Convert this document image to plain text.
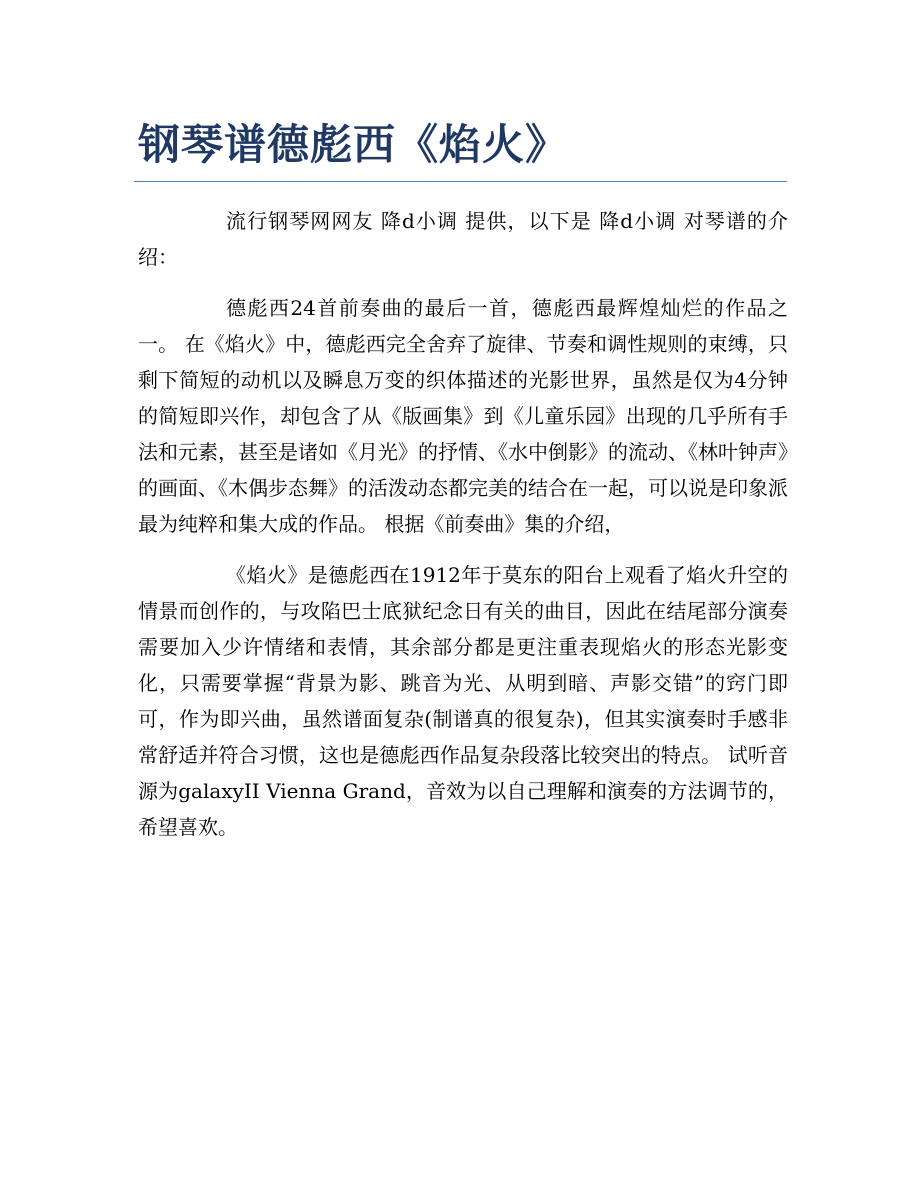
钢琴谱德彪西《焰火》

流行钢琴网网友 降d小调 提供，以下是 降d小调 对琴谱的介绍：

德彪西24首前奏曲的最后一首，德彪西最辉煌灿烂的作品之一。 在《焰火》中，德彪西完全舍弃了旋律、节奏和调性规则的束缚，只剩下简短的动机以及瞬息万变的织体描述的光影世界，虽然是仅为4分钟的简短即兴作，却包含了从《版画集》到《儿童乐园》出现的几乎所有手法和元素，甚至是诸如《月光》的抒情、《水中倒影》的流动、《林叶钟声》的画面、《木偶步态舞》的活泼动态都完美的结合在一起，可以说是印象派最为纯粹和集大成的作品。 根据《前奏曲》集的介绍，

《焰火》是德彪西在1912年于莫东的阳台上观看了焰火升空的情景而创作的，与攻陷巴士底狱纪念日有关的曲目，因此在结尾部分演奏需要加入少许情绪和表情，其余部分都是更注重表现焰火的形态光影变化，只需要掌握“背景为影、跳音为光、从明到暗、声影交错”的窍门即可，作为即兴曲，虽然谱面复杂(制谱真的很复杂)，但其实演奏时手感非常舒适并符合习惯，这也是德彪西作品复杂段落比较突出的特点。 试听音源为galaxyII Vienna Grand，音效为以自己理解和演奏的方法调节的，希望喜欢。
